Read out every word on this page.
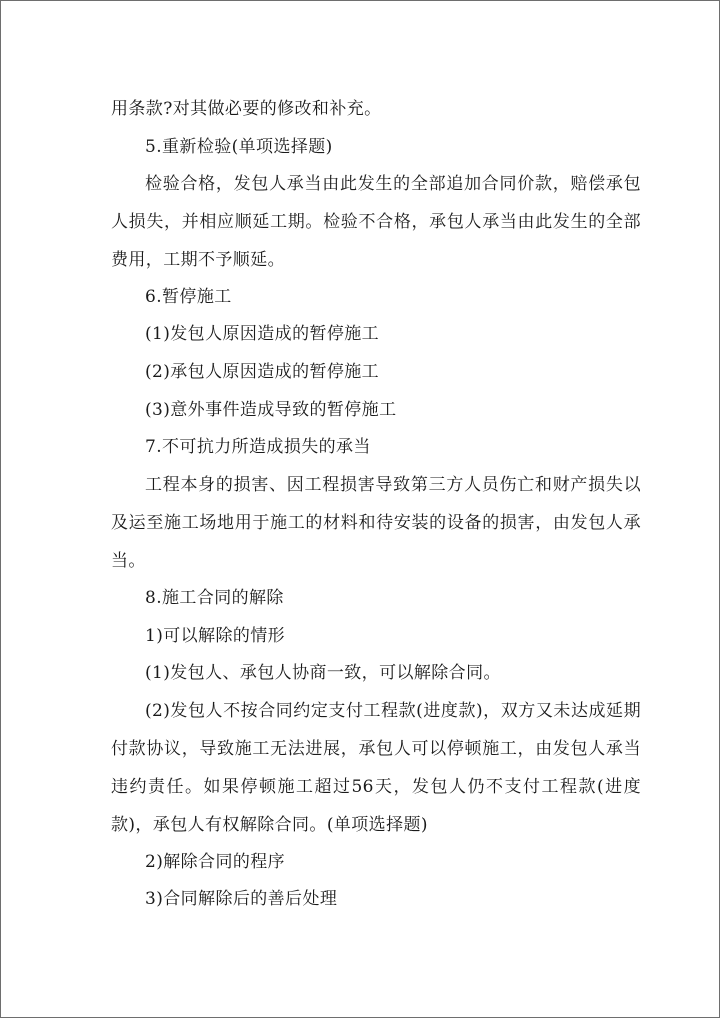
用条款?对其做必要的修改和补充。

5.重新检验(单项选择题)

检验合格，发包人承当由此发生的全部追加合同价款，赔偿承包人损失，并相应顺延工期。检验不合格，承包人承当由此发生的全部费用，工期不予顺延。

6.暂停施工

(1)发包人原因造成的暂停施工

(2)承包人原因造成的暂停施工

(3)意外事件造成导致的暂停施工

7.不可抗力所造成损失的承当

工程本身的损害、因工程损害导致第三方人员伤亡和财产损失以及运至施工场地用于施工的材料和待安装的设备的损害，由发包人承当。

8.施工合同的解除

1)可以解除的情形

(1)发包人、承包人协商一致，可以解除合同。

(2)发包人不按合同约定支付工程款(进度款)，双方又未达成延期付款协议，导致施工无法进展，承包人可以停顿施工，由发包人承当违约责任。如果停顿施工超过56天，发包人仍不支付工程款(进度款)，承包人有权解除合同。(单项选择题)

2)解除合同的程序

3)合同解除后的善后处理
